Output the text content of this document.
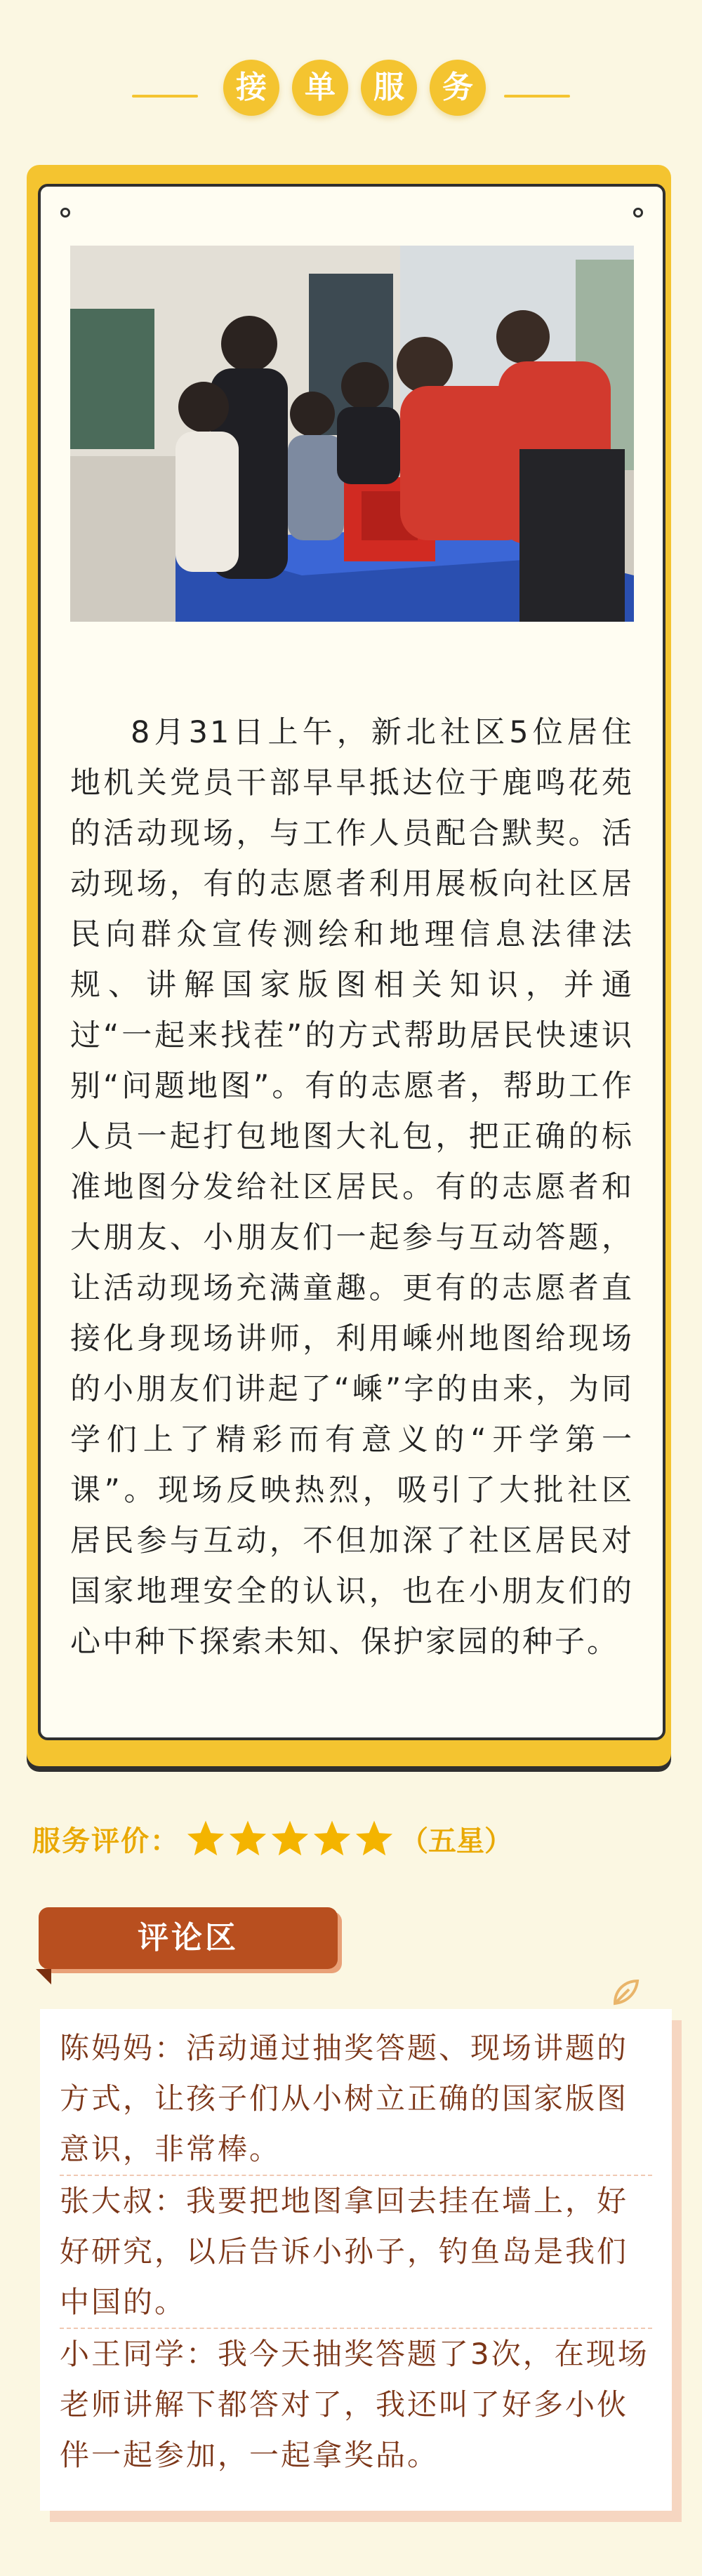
接	单	服	务

8月31日上午，新北社区5位居住地机关党员干部早早抵达位于鹿鸣花苑的活动现场，与工作人员配合默契。活动现场，有的志愿者利用展板向社区居民向群众宣传测绘和地理信息法律法规、讲解国家版图相关知识，并通过“一起来找茬”的方式帮助居民快速识别“问题地图”。有的志愿者，帮助工作人员一起打包地图大礼包，把正确的标准地图分发给社区居民。有的志愿者和大朋友、小朋友们一起参与互动答题，让活动现场充满童趣。更有的志愿者直接化身现场讲师，利用嵊州地图给现场的小朋友们讲起了“嵊”字的由来，为同学们上了精彩而有意义的“开学第一课”。现场反映热烈，吸引了大批社区居民参与互动，不但加深了社区居民对国家地理安全的认识，也在小朋友们的心中种下探索未知、保护家园的种子。

服务评价：	（五星）
评论区

陈妈妈：活动通过抽奖答题、现场讲题的方式，让孩子们从小树立正确的国家版图意识，非常棒。

张大叔：我要把地图拿回去挂在墙上，好好研究，以后告诉小孙子，钓鱼岛是我们中国的。

小王同学：我今天抽奖答题了3次，在现场老师讲解下都答对了，我还叫了好多小伙伴一起参加，一起拿奖品。
